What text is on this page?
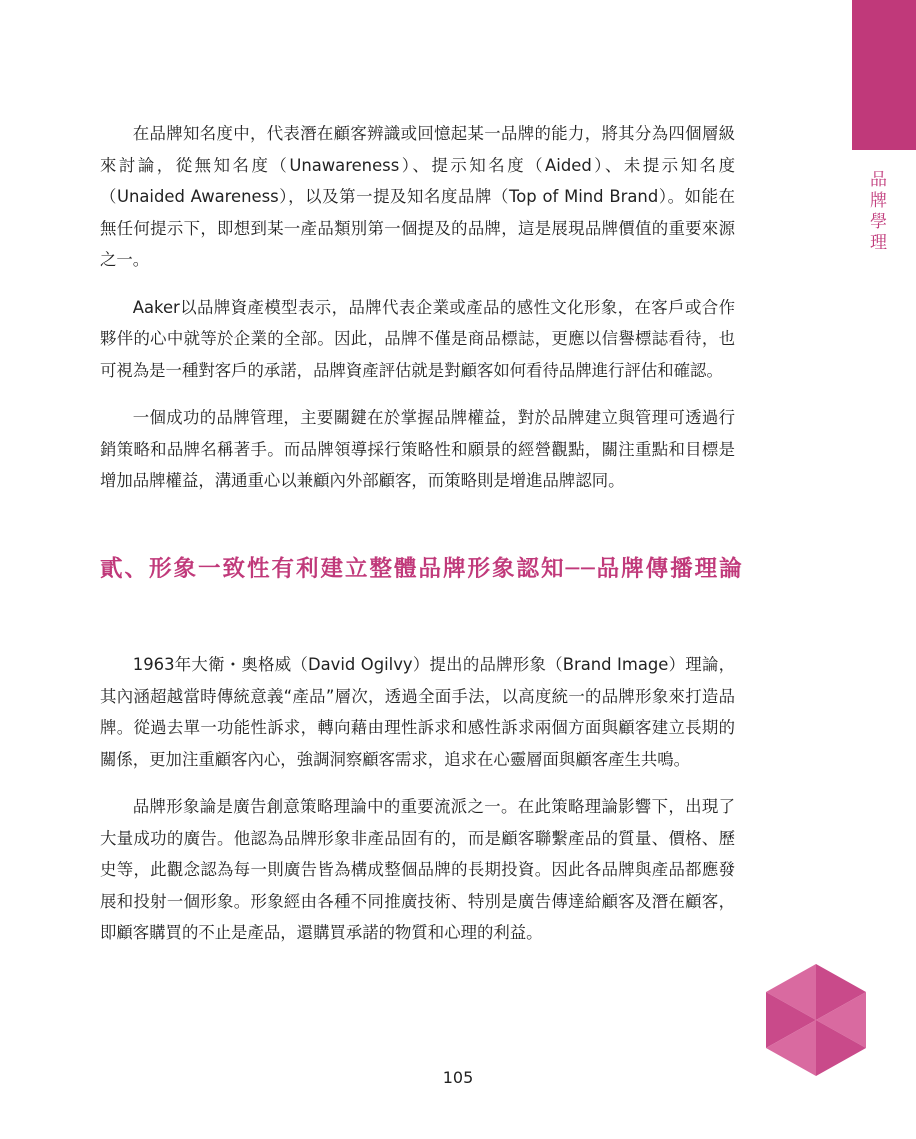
品牌學理

在品牌知名度中，代表潛在顧客辨識或回憶起某一品牌的能力，將其分為四個層級來討論，從無知名度（Unawareness）、提示知名度（Aided）、未提示知名度（Unaided Awareness），以及第一提及知名度品牌（Top of Mind Brand）。如能在無任何提示下，即想到某一產品類別第一個提及的品牌，這是展現品牌價值的重要來源之一。

Aaker以品牌資產模型表示，品牌代表企業或產品的感性文化形象，在客戶或合作夥伴的心中就等於企業的全部。因此，品牌不僅是商品標誌，更應以信譽標誌看待，也可視為是一種對客戶的承諾，品牌資產評估就是對顧客如何看待品牌進行評估和確認。

一個成功的品牌管理，主要關鍵在於掌握品牌權益，對於品牌建立與管理可透過行銷策略和品牌名稱著手。而品牌領導採行策略性和願景的經營觀點，關注重點和目標是增加品牌權益，溝通重心以兼顧內外部顧客，而策略則是增進品牌認同。

貳、形象一致性有利建立整體品牌形象認知──品牌傳播理論

1963年大衛・奧格威（David Ogilvy）提出的品牌形象（Brand Image）理論，其內涵超越當時傳統意義“產品”層次，透過全面手法，以高度統一的品牌形象來打造品牌。從過去單一功能性訴求，轉向藉由理性訴求和感性訴求兩個方面與顧客建立長期的關係，更加注重顧客內心，強調洞察顧客需求，追求在心靈層面與顧客產生共鳴。

品牌形象論是廣告創意策略理論中的重要流派之一。在此策略理論影響下，出現了大量成功的廣告。他認為品牌形象非產品固有的，而是顧客聯繫產品的質量、價格、歷史等，此觀念認為每一則廣告皆為構成整個品牌的長期投資。因此各品牌與產品都應發展和投射一個形象。形象經由各種不同推廣技術、特別是廣告傳達給顧客及潛在顧客，即顧客購買的不止是產品，還購買承諾的物質和心理的利益。

105
